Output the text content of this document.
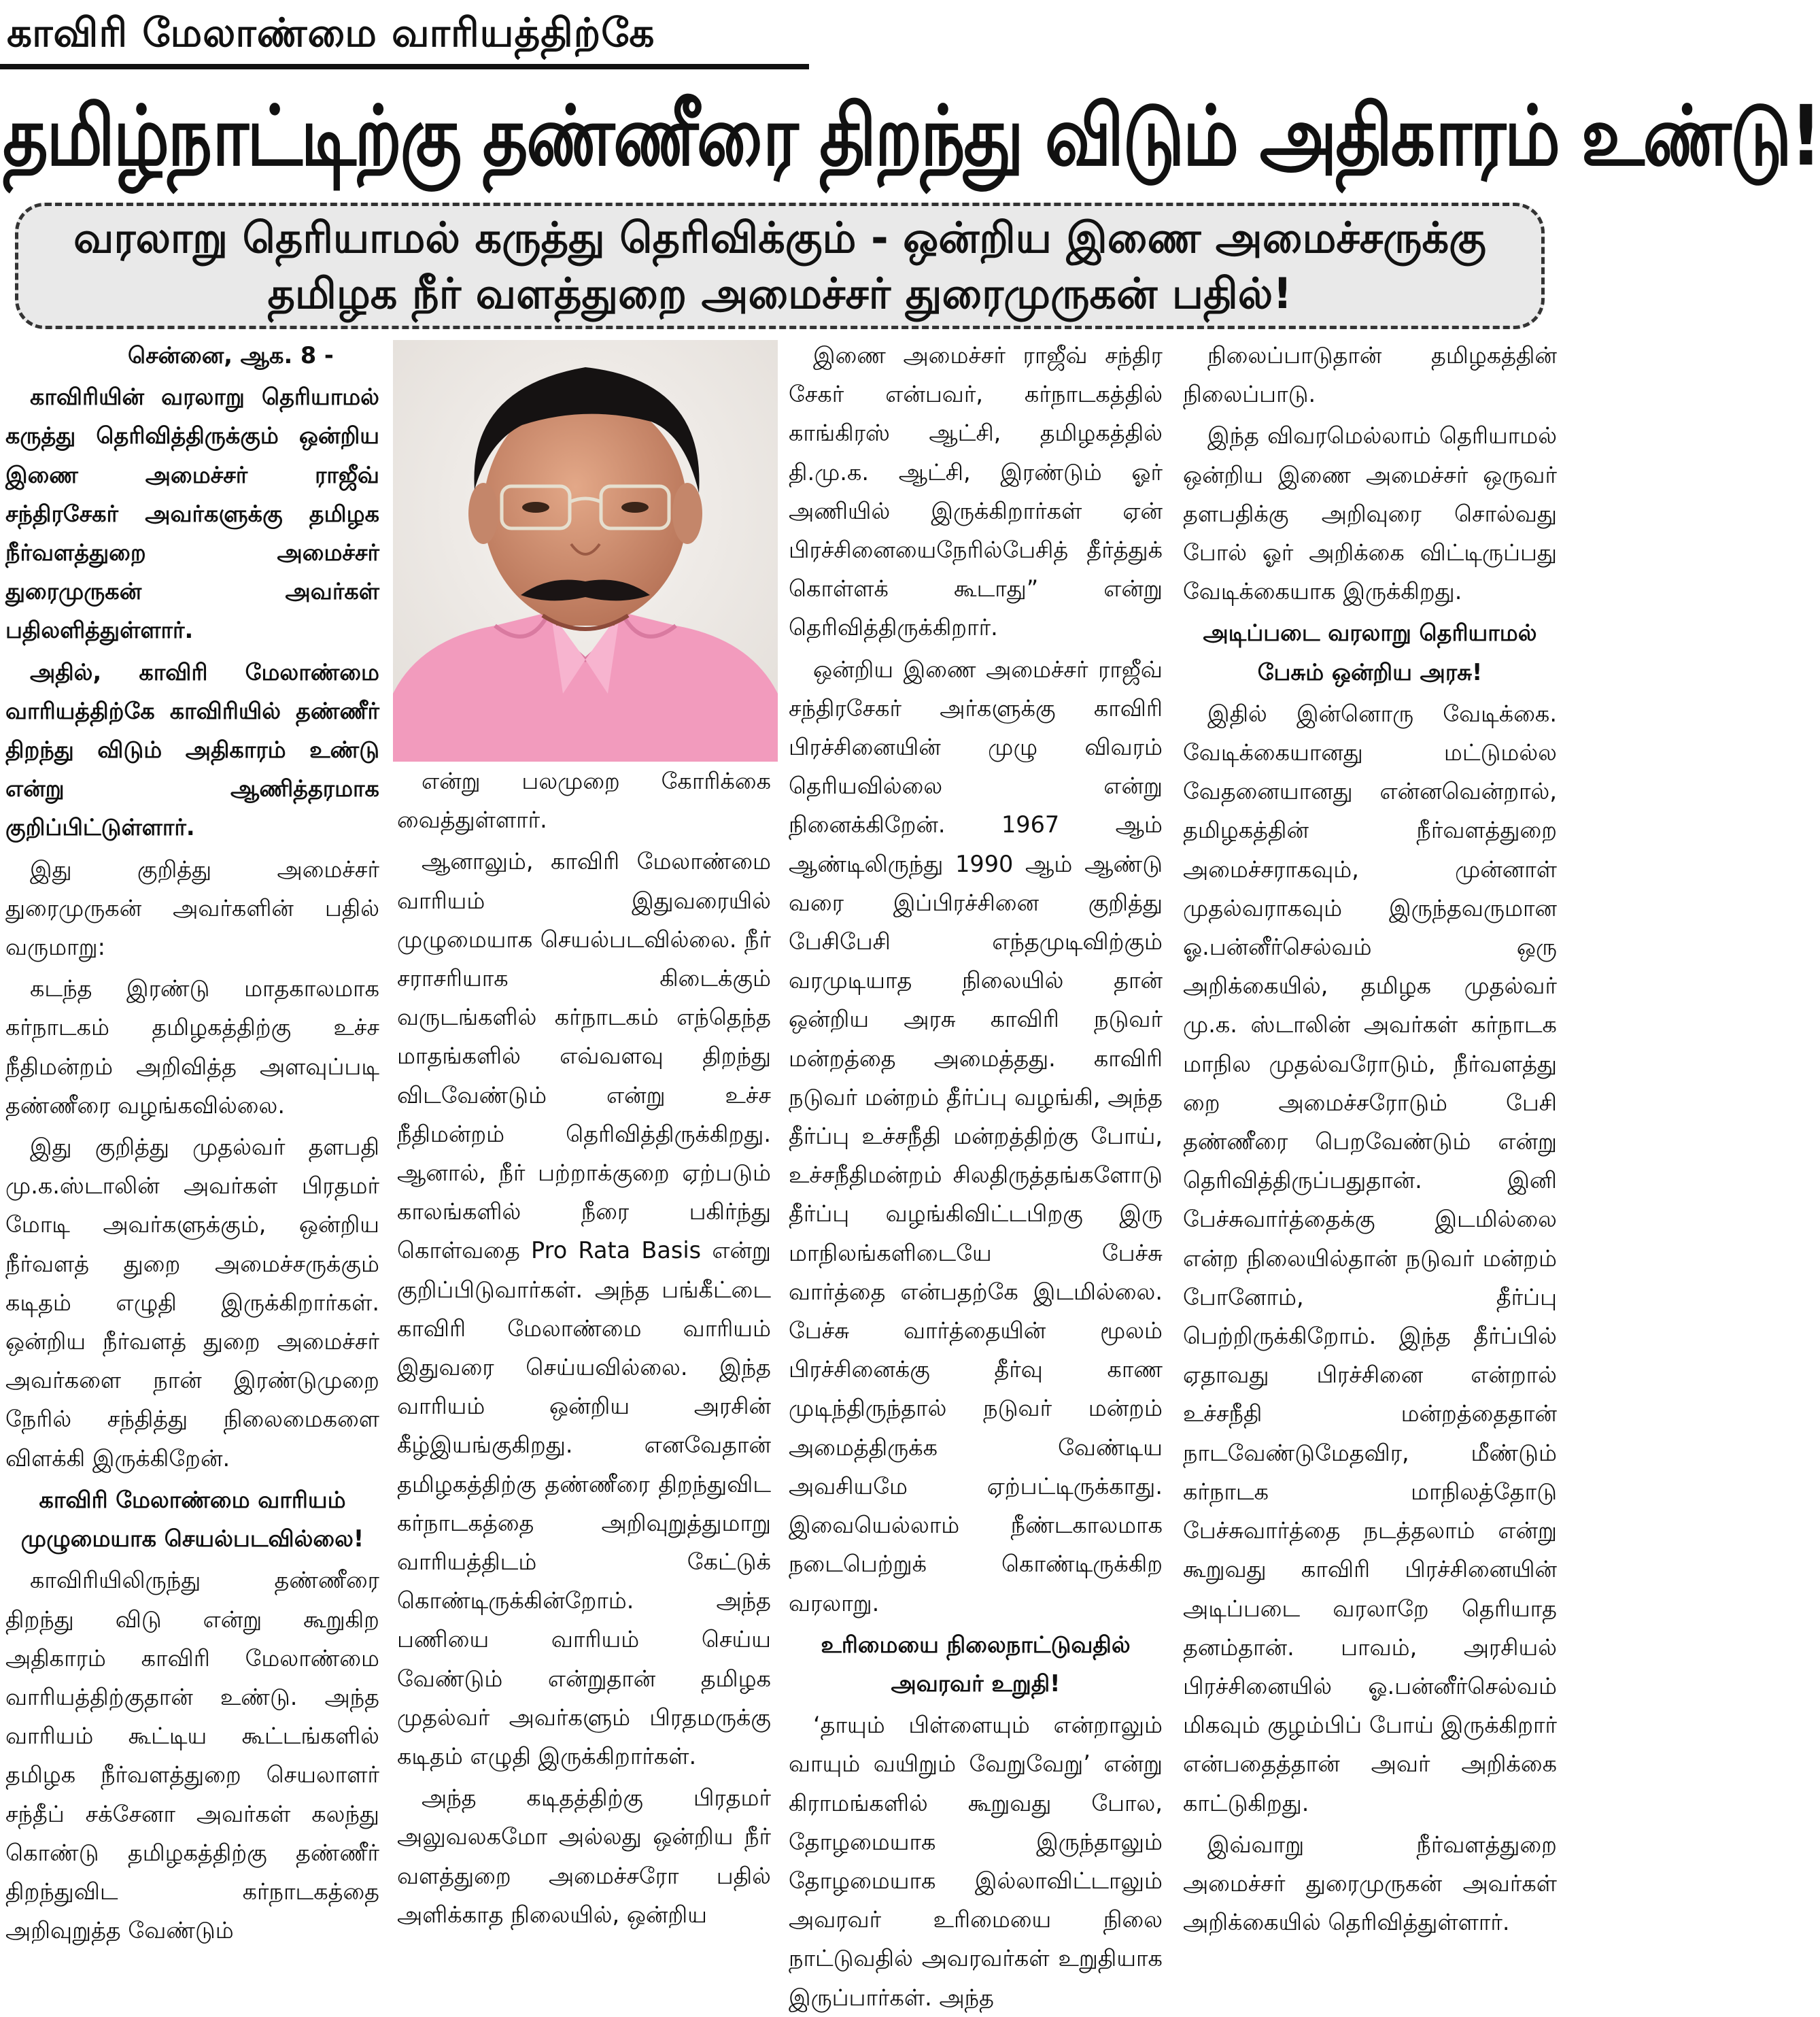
காவிரி மேலாண்மை வாரியத்திற்கே
தமிழ்நாட்டிற்கு தண்ணீரை திறந்து விடும் அதிகாரம் உண்டு!
வரலாறு தெரியாமல் கருத்து தெரிவிக்கும் - ஒன்றிய இணை அமைச்சருக்கு
தமிழக நீர் வளத்துறை அமைச்சர் துரைமுருகன் பதில்!

சென்னை, ஆக. 8 -

காவிரியின் வரலாறு தெரியாமல் கருத்து தெரிவித்திருக்கும் ஒன்றிய இணை அமைச்சர் ராஜீவ் சந்திரசேகர் அவர்களுக்கு தமிழக நீர்வளத்துறை அமைச்சர் துரைமுருகன் அவர்கள் பதிலளித்துள்ளார்.

அதில், காவிரி மேலாண்மை வாரியத்திற்கே காவிரியில் தண்ணீர் திறந்து விடும் அதிகாரம் உண்டு என்று ஆணித்தரமாக குறிப்பிட்டுள்ளார்.

இது குறித்து அமைச்சர் துரைமுருகன் அவர்களின் பதில் வருமாறு:

கடந்த இரண்டு மாதகாலமாக கர்நாடகம் தமிழகத்திற்கு உச்ச நீதிமன்றம் அறிவித்த அளவுப்படி தண்ணீரை வழங்கவில்லை.

இது குறித்து முதல்வர் தளபதி மு.க.ஸ்டாலின் அவர்கள் பிரதமர் மோடி அவர்களுக்கும், ஒன்றிய நீர்வளத் துறை அமைச்சருக்கும் கடிதம் எழுதி இருக்கிறார்கள். ஒன்றிய நீர்வளத் துறை அமைச்சர் அவர்களை நான் இரண்டுமுறை நேரில் சந்தித்து நிலைமைகளை விளக்கி இருக்கிறேன்.

காவிரி மேலாண்மை வாரியம் முழுமையாக செயல்படவில்லை!

காவிரியிலிருந்து தண்ணீரை திறந்து விடு என்று கூறுகிற அதிகாரம் காவிரி மேலாண்மை வாரியத்திற்குதான் உண்டு. அந்த வாரியம் கூட்டிய கூட்டங்களில் தமிழக நீர்வளத்துறை செயலாளர் சந்தீப் சக்சேனா அவர்கள் கலந்து கொண்டு தமிழகத்திற்கு தண்ணீர் திறந்துவிட கர்நாடகத்தை அறிவுறுத்த வேண்டும்

என்று பலமுறை கோரிக்கை வைத்துள்ளார்.

ஆனாலும், காவிரி மேலாண்மை வாரியம் இதுவரையில் முழுமையாக செயல்படவில்லை. நீர் சராசரியாக கிடைக்கும் வருடங்களில் கர்நாடகம் எந்தெந்த மாதங்களில் எவ்வளவு திறந்து விடவேண்டும் என்று உச்ச நீதிமன்றம் தெரிவித்திருக்கிறது. ஆனால், நீர் பற்றாக்குறை ஏற்படும் காலங்களில் நீரை பகிர்ந்து கொள்வதை Pro Rata Basis என்று குறிப்பிடுவார்கள். அந்த பங்கீட்டை காவிரி மேலாண்மை வாரியம் இதுவரை செய்யவில்லை. இந்த வாரியம் ஒன்றிய அரசின் கீழ்இயங்குகிறது. எனவேதான் தமிழகத்திற்கு தண்ணீரை திறந்துவிட கர்நாடகத்தை அறிவுறுத்துமாறு வாரியத்திடம் கேட்டுக் கொண்டிருக்கின்றோம். அந்த பணியை வாரியம் செய்ய வேண்டும் என்றுதான் தமிழக முதல்வர் அவர்களும் பிரதமருக்கு கடிதம் எழுதி இருக்கிறார்கள்.

அந்த கடிதத்திற்கு பிரதமர் அலுவலகமோ அல்லது ஒன்றிய நீர் வளத்துறை அமைச்சரோ பதில் அளிக்காத நிலையில், ஒன்றிய

இணை அமைச்சர் ராஜீவ் சந்திர சேகர் என்பவர், கர்நாடகத்தில் காங்கிரஸ் ஆட்சி, தமிழகத்தில் தி.மு.க. ஆட்சி, இரண்டும் ஓர் அணியில் இருக்கிறார்கள் ஏன் பிரச்சினையைநேரில்பேசித் தீர்த்துக் கொள்ளக் கூடாது” என்று தெரிவித்திருக்கிறார்.

ஒன்றிய இணை அமைச்சர் ராஜீவ் சந்திரசேகர் அர்களுக்கு காவிரி பிரச்சினையின் முழு விவரம் தெரியவில்லை என்று நினைக்கிறேன். 1967 ஆம் ஆண்டிலிருந்து 1990 ஆம் ஆண்டு வரை இப்பிரச்சினை குறித்து பேசிபேசி எந்தமுடிவிற்கும் வரமுடியாத நிலையில் தான் ஒன்றிய அரசு காவிரி நடுவர் மன்றத்தை அமைத்தது. காவிரி நடுவர் மன்றம் தீர்ப்பு வழங்கி, அந்த தீர்ப்பு உச்சநீதி மன்றத்திற்கு போய், உச்சநீதிமன்றம் சிலதிருத்தங்களோடு தீர்ப்பு வழங்கிவிட்டபிறகு இரு மாநிலங்களிடையே பேச்சு வார்த்தை என்பதற்கே இடமில்லை. பேச்சு வார்த்தையின் மூலம் பிரச்சினைக்கு தீர்வு காண முடிந்திருந்தால் நடுவர் மன்றம் அமைத்திருக்க வேண்டிய அவசியமே ஏற்பட்டிருக்காது. இவையெல்லாம் நீண்டகாலமாக நடைபெற்றுக் கொண்டிருக்கிற வரலாறு.

உரிமையை நிலைநாட்டுவதில் அவரவர் உறுதி!

‘தாயும் பிள்ளையும் என்றாலும் வாயும் வயிறும் வேறுவேறு’ என்று கிராமங்களில் கூறுவது போல, தோழமையாக இருந்தாலும் தோழமையாக இல்லாவிட்டாலும் அவரவர் உரிமையை நிலை நாட்டுவதில் அவரவர்கள் உறுதியாக இருப்பார்கள். அந்த

நிலைப்பாடுதான் தமிழகத்தின் நிலைப்பாடு.

இந்த விவரமெல்லாம் தெரியாமல் ஒன்றிய இணை அமைச்சர் ஒருவர் தளபதிக்கு அறிவுரை சொல்வது போல் ஓர் அறிக்கை விட்டிருப்பது வேடிக்கையாக இருக்கிறது.

அடிப்படை வரலாறு தெரியாமல் பேசும் ஒன்றிய அரசு!

இதில் இன்னொரு வேடிக்கை. வேடிக்கையானது மட்டுமல்ல வேதனையானது என்னவென்றால், தமிழகத்தின் நீர்வளத்துறை அமைச்சராகவும், முன்னாள் முதல்வராகவும் இருந்தவருமான ஓ.பன்னீர்செல்வம் ஒரு அறிக்கையில், தமிழக முதல்வர் மு.க. ஸ்டாலின் அவர்கள் கர்நாடக மாநில முதல்வரோடும், நீர்வளத்து றை அமைச்சரோடும் பேசி தண்ணீரை பெறவேண்டும் என்று தெரிவித்திருப்பதுதான். இனி பேச்சுவார்த்தைக்கு இடமில்லை என்ற நிலையில்தான் நடுவர் மன்றம் போனோம், தீர்ப்பு பெற்றிருக்கிறோம். இந்த தீர்ப்பில் ஏதாவது பிரச்சினை என்றால் உச்சநீதி மன்றத்தைதான் நாடவேண்டுமேதவிர, மீண்டும் கர்நாடக மாநிலத்தோடு பேச்சுவார்த்தை நடத்தலாம் என்று கூறுவது காவிரி பிரச்சினையின் அடிப்படை வரலாறே தெரியாத தனம்தான். பாவம், அரசியல் பிரச்சினையில் ஓ.பன்னீர்செல்வம் மிகவும் குழம்பிப் போய் இருக்கிறார் என்பதைத்தான் அவர் அறிக்கை காட்டுகிறது.

இவ்வாறு நீர்வளத்துறை அமைச்சர் துரைமுருகன் அவர்கள் அறிக்கையில் தெரிவித்துள்ளார்.
